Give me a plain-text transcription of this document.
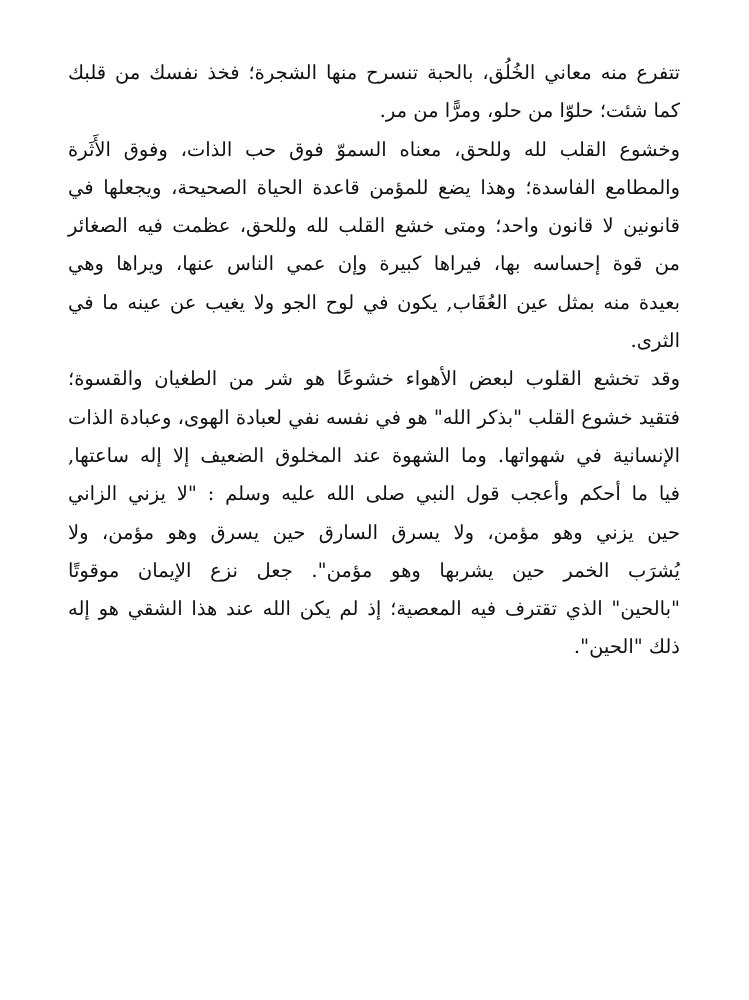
تتفرع منه معاني الخُلُق، بالحبة تنسرح منها الشجرة؛ فخذ نفسك من قلبك
كما شئت؛ حلوّا من حلو، ومرًّا من مر.

وخشوع القلب لله وللحق، معناه السموّ فوق حب الذات، وفوق الأَثَرة
والمطامع الفاسدة؛ وهذا يضع للمؤمن قاعدة الحياة الصحيحة، ويجعلها في
قانونين لا قانون واحد؛ ومتى خشع القلب لله وللحق، عظمت فيه الصغائر
من قوة إحساسه بها، فيراها كبيرة وإن عمي الناس عنها، ويراها وهي
بعيدة منه بمثل عين العُقَاب, يكون في لوح الجو ولا يغيب عن عينه ما في
الثرى.

وقد تخشع القلوب لبعض الأهواء خشوعًا هو شر من الطغيان والقسوة؛
فتقيد خشوع القلب "بذكر الله" هو في نفسه نفي لعبادة الهوى، وعبادة الذات
الإنسانية في شهواتها. وما الشهوة عند المخلوق الضعيف إلا إله ساعتها,
فيا ما أحكم وأعجب قول النبي صلى الله عليه وسلم : "لا يزني الزاني
حين يزني وهو مؤمن، ولا يسرق السارق حين يسرق وهو مؤمن، ولا
يُشرَب الخمر حين يشربها وهو مؤمن". جعل نزع الإيمان موقوتًا
"بالحين" الذي تقترف فيه المعصية؛ إذ لم يكن الله عند هذا الشقي هو إله
ذلك "الحين".
